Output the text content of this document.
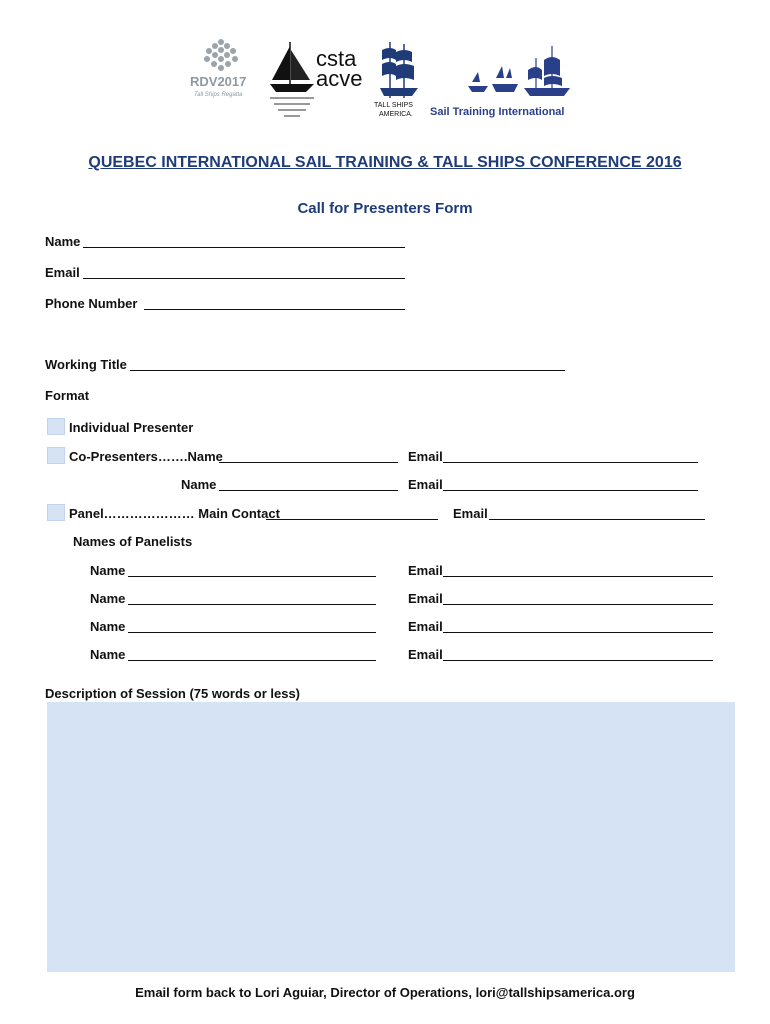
RDV2017
Tall Ships Regatta
csta
acve
TALL SHIPS
AMERICA. Sail Training International
QUEBEC INTERNATIONAL SAIL TRAINING & TALL SHIPS CONFERENCE 2016
Call for Presenters Form
Name
Email
Phone Number
Working Title
Format
Individual Presenter
Co-Presenters…….Name	Email
Name	Email
Panel………………… Main Contact	Email
Names of Panelists
Name	Email
Name	Email
Name	Email
Name	Email
Description of Session (75 words or less)
Email form back to Lori Aguiar, Director of Operations, lori@tallshipsamerica.org
